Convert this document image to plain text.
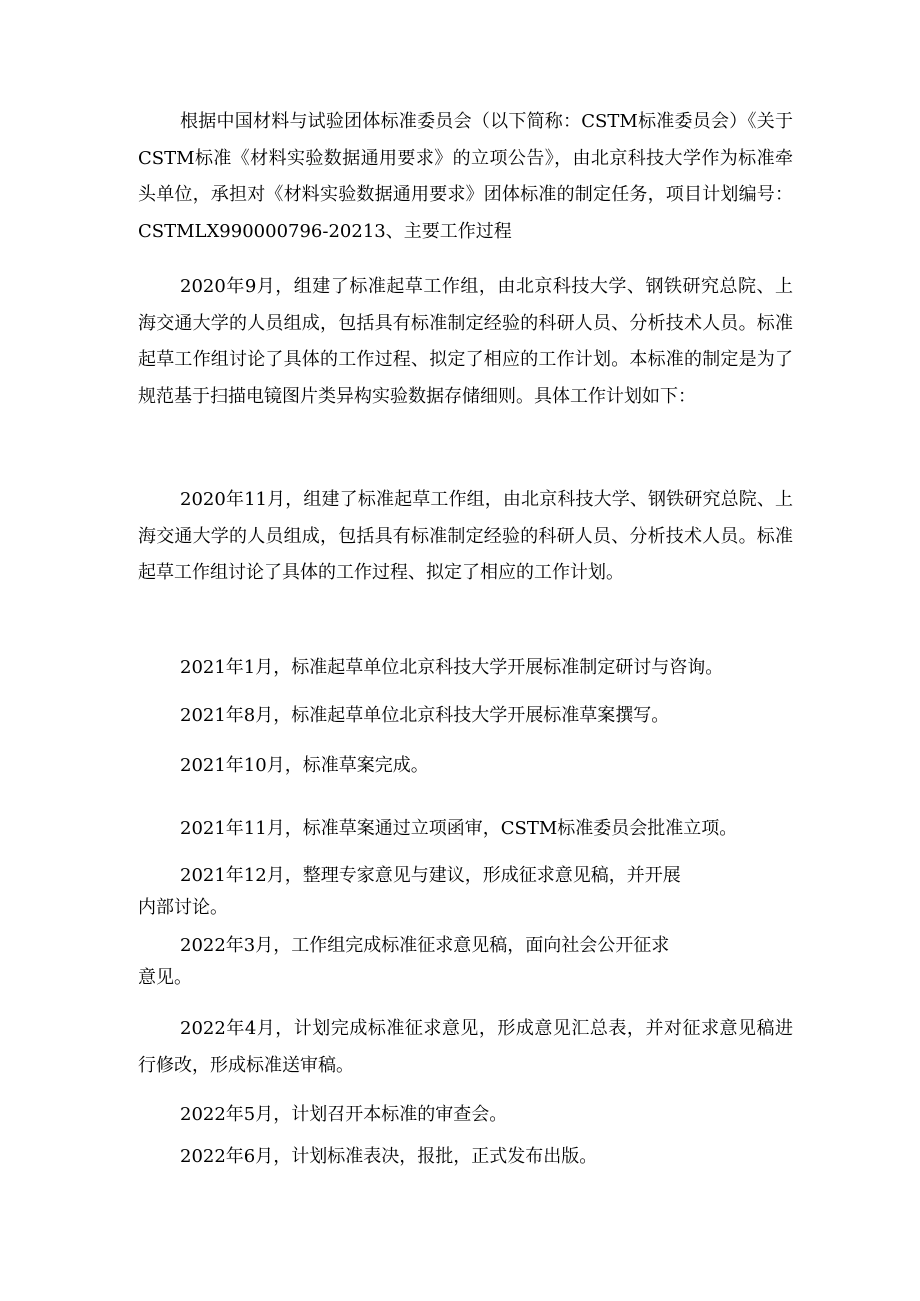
根据中国材料与试验团体标准委员会（以下简称：CSTM标准委员会）《关于CSTM标准《材料实验数据通用要求》的立项公告》，由北京科技大学作为标准牵头单位，承担对《材料实验数据通用要求》团体标准的制定任务，项目计划编号：CSTMLX990000796-20213、主要工作过程

2020年9月，组建了标准起草工作组，由北京科技大学、钢铁研究总院、上海交通大学的人员组成，包括具有标准制定经验的科研人员、分析技术人员。标准起草工作组讨论了具体的工作过程、拟定了相应的工作计划。本标准的制定是为了规范基于扫描电镜图片类异构实验数据存储细则。具体工作计划如下：

2020年11月，组建了标准起草工作组，由北京科技大学、钢铁研究总院、上海交通大学的人员组成，包括具有标准制定经验的科研人员、分析技术人员。标准起草工作组讨论了具体的工作过程、拟定了相应的工作计划。

2021年1月，标准起草单位北京科技大学开展标准制定研讨与咨询。

2021年8月，标准起草单位北京科技大学开展标准草案撰写。

2021年10月，标准草案完成。

2021年11月，标准草案通过立项函审，CSTM标准委员会批准立项。

2021年12月，整理专家意见与建议，形成征求意见稿，并开展
内部讨论。

2022年3月，工作组完成标准征求意见稿，面向社会公开征求
意见。

2022年4月，计划完成标准征求意见，形成意见汇总表，并对征求意见稿进行修改，形成标准送审稿。

2022年5月，计划召开本标准的审查会。

2022年6月，计划标准表决，报批，正式发布出版。
